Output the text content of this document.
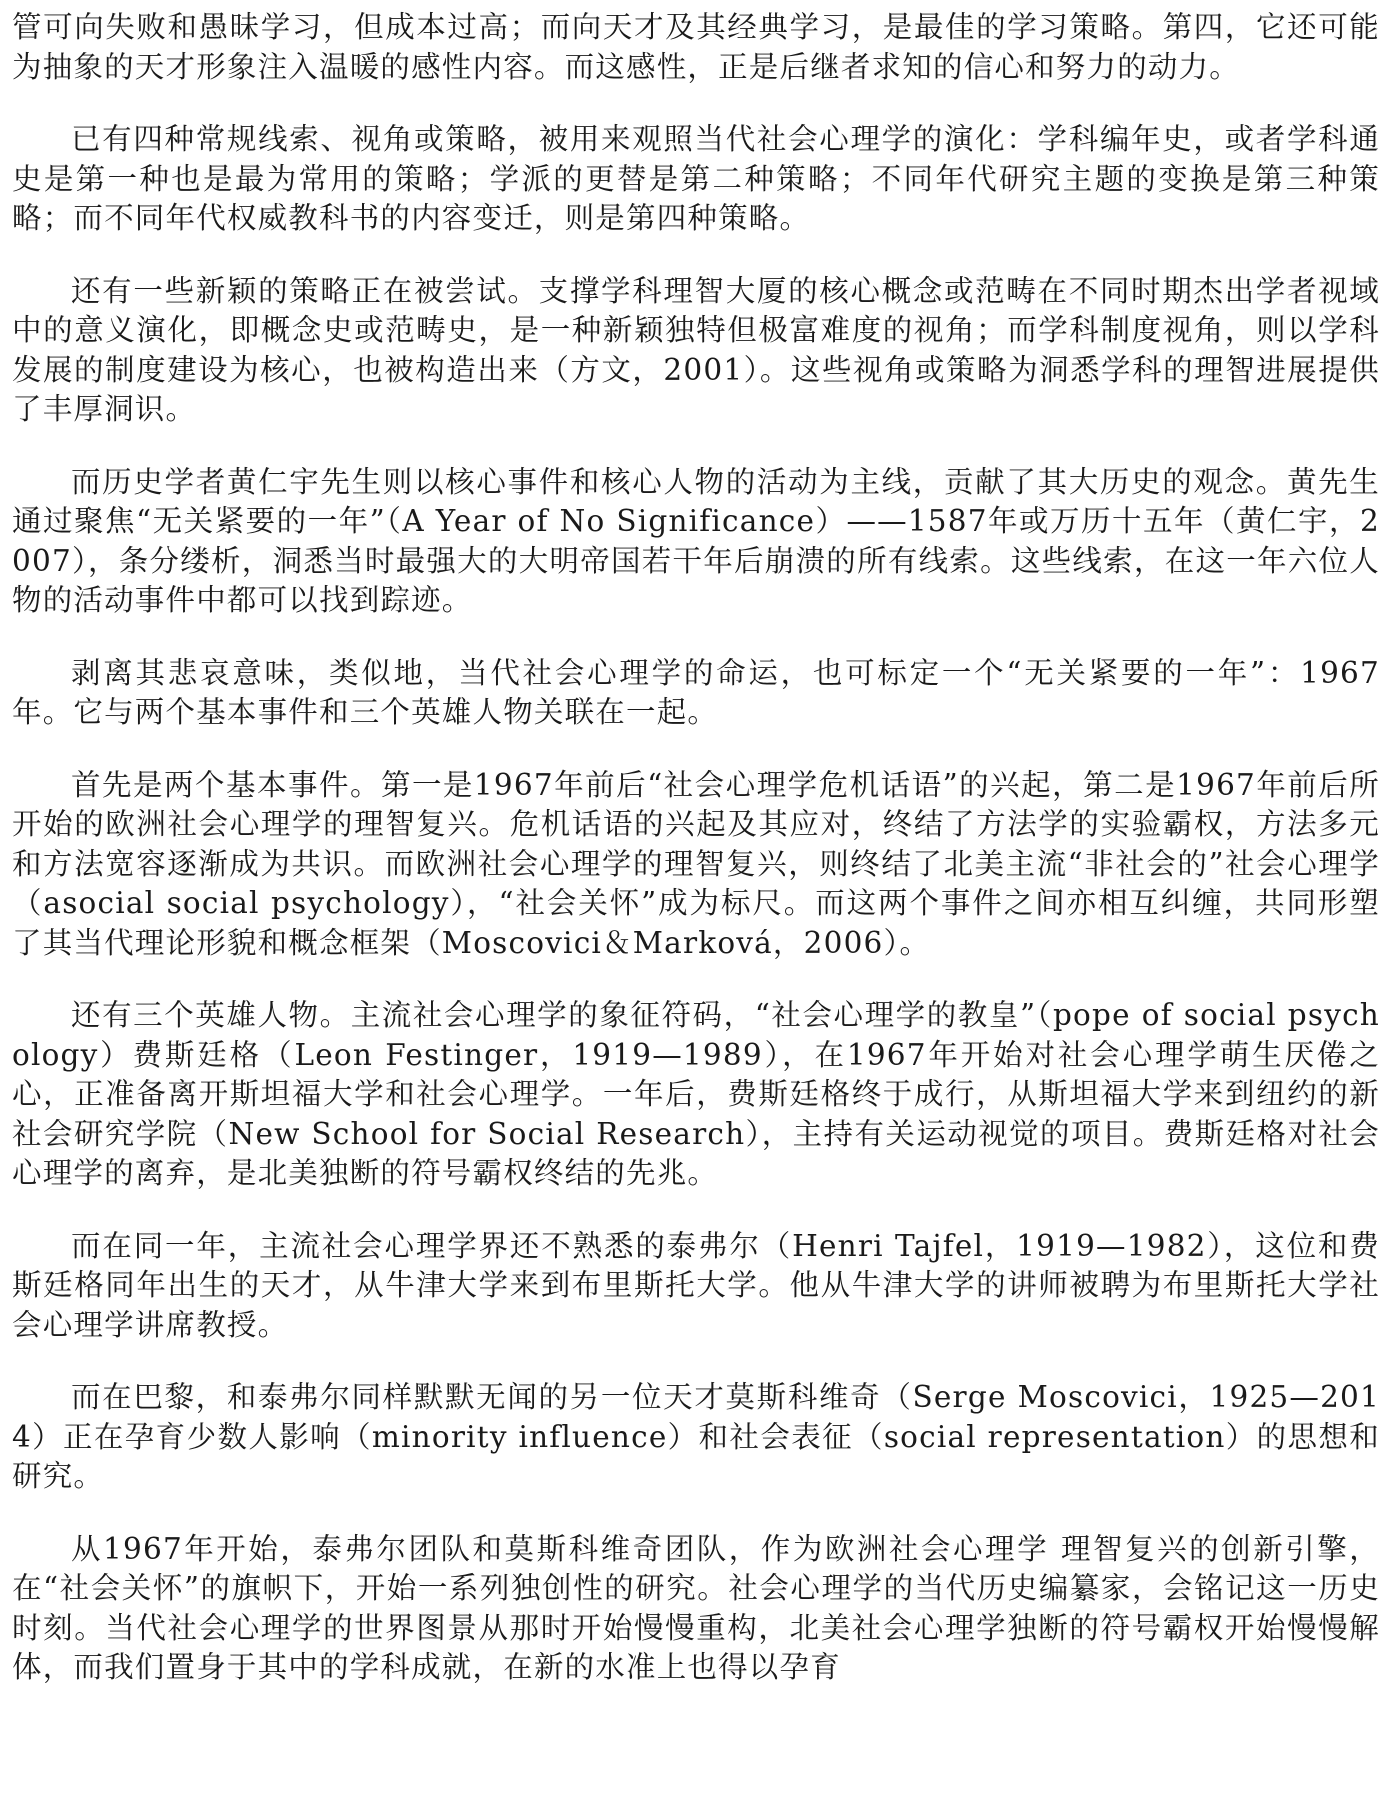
管可向失败和愚昧学习，但成本过高；而向天才及其经典学习，是最佳的学习策略。第四，它还可能为抽象的天才形象注入温暖的感性内容。而这感性，正是后继者求知的信心和努力的动力。

已有四种常规线索、视角或策略，被用来观照当代社会心理学的演化：学科编年史，或者学科通史是第一种也是最为常用的策略；学派的更替是第二种策略；不同年代研究主题的变换是第三种策略；而不同年代权威教科书的内容变迁，则是第四种策略。

还有一些新颖的策略正在被尝试。支撑学科理智大厦的核心概念或范畴在不同时期杰出学者视域中的意义演化，即概念史或范畴史，是一种新颖独特但极富难度的视角；而学科制度视角，则以学科发展的制度建设为核心，也被构造出来（方文，2001）。这些视角或策略为洞悉学科的理智进展提供了丰厚洞识。

而历史学者黄仁宇先生则以核心事件和核心人物的活动为主线，贡献了其大历史的观念。黄先生通过聚焦“无关紧要的一年”（A Year of No Significance）——1587年或万历十五年（黄仁宇，2007），条分缕析，洞悉当时最强大的大明帝国若干年后崩溃的所有线索。这些线索，在这一年六位人物的活动事件中都可以找到踪迹。

剥离其悲哀意味，类似地，当代社会心理学的命运，也可标定一个“无关紧要的一年”：1967年。它与两个基本事件和三个英雄人物关联在一起。

首先是两个基本事件。第一是1967年前后“社会心理学危机话语”的兴起，第二是1967年前后所开始的欧洲社会心理学的理智复兴。危机话语的兴起及其应对，终结了方法学的实验霸权，方法多元和方法宽容逐渐成为共识。而欧洲社会心理学的理智复兴，则终结了北美主流“非社会的”社会心理学（asocial social psychology），“社会关怀”成为标尺。而这两个事件之间亦相互纠缠，共同形塑了其当代理论形貌和概念框架（Moscovici＆Marková，2006）。

还有三个英雄人物。主流社会心理学的象征符码，“社会心理学的教皇”（pope of social psychology）费斯廷格（Leon Festinger，1919—1989），在1967年开始对社会心理学萌生厌倦之心，正准备离开斯坦福大学和社会心理学。一年后，费斯廷格终于成行，从斯坦福大学来到纽约的新社会研究学院（New School for Social Research），主持有关运动视觉的项目。费斯廷格对社会心理学的离弃，是北美独断的符号霸权终结的先兆。

而在同一年，主流社会心理学界还不熟悉的泰弗尔（Henri Tajfel，1919—1982），这位和费斯廷格同年出生的天才，从牛津大学来到布里斯托大学。他从牛津大学的讲师被聘为布里斯托大学社会心理学讲席教授。

而在巴黎，和泰弗尔同样默默无闻的另一位天才莫斯科维奇（Serge Moscovici，1925—2014）正在孕育少数人影响（minority influence）和社会表征（social representation）的思想和研究。

从1967年开始，泰弗尔团队和莫斯科维奇团队，作为欧洲社会心理学 理智复兴的创新引擎，在“社会关怀”的旗帜下，开始一系列独创性的研究。社会心理学的当代历史编纂家，会铭记这一历史时刻。当代社会心理学的世界图景从那时开始慢慢重构，北美社会心理学独断的符号霸权开始慢慢解体，而我们置身于其中的学科成就，在新的水准上也得以孕育
